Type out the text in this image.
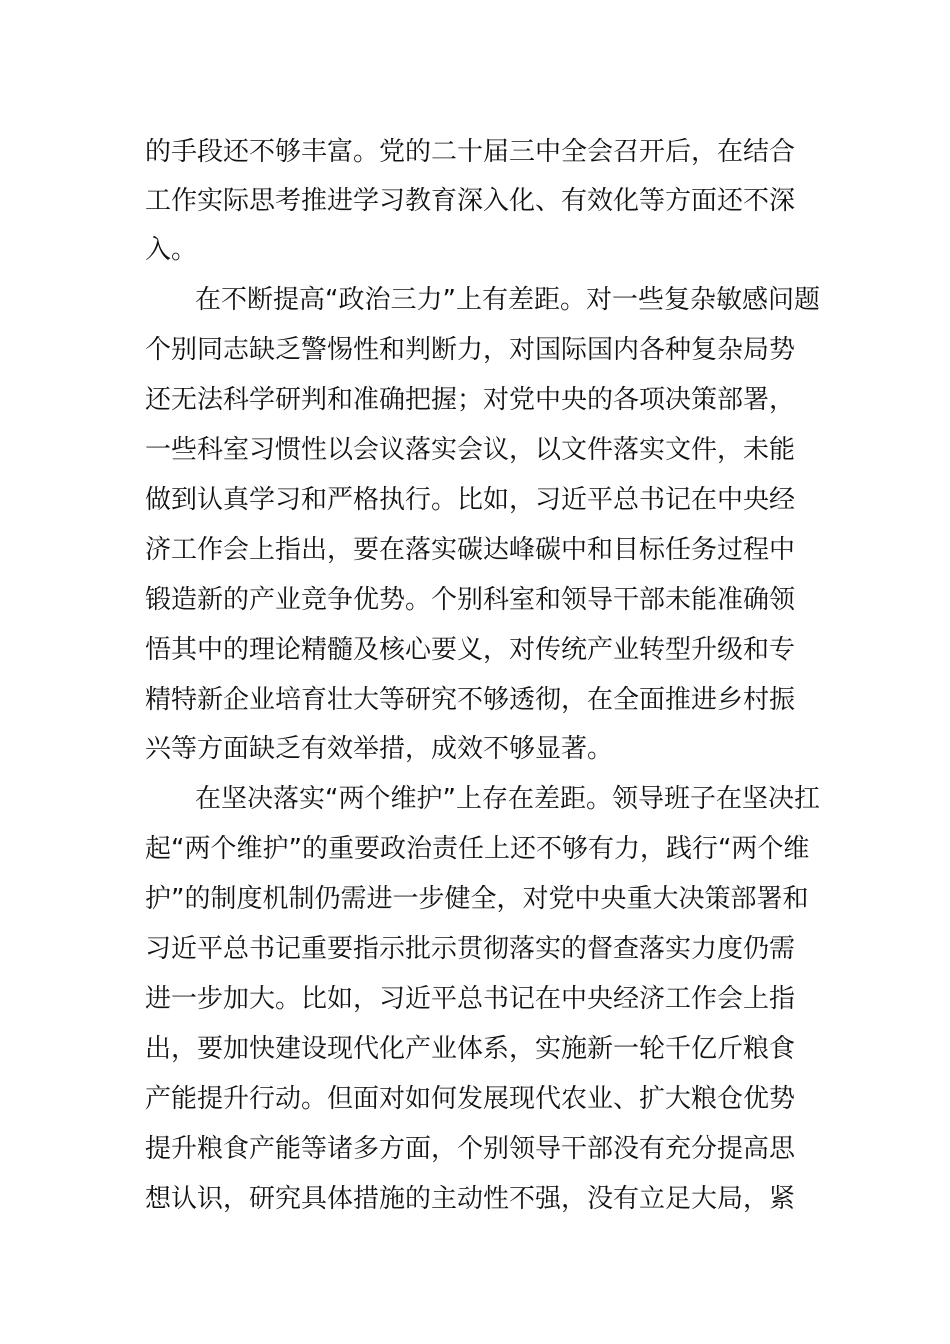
的手段还不够丰富。党的二十届三中全会召开后，在结合
工作实际思考推进学习教育深入化、有效化等方面还不深
入。
在不断提高“政治三力”上有差距。对一些复杂敏感问题
个别同志缺乏警惕性和判断力，对国际国内各种复杂局势
还无法科学研判和准确把握；对党中央的各项决策部署，
一些科室习惯性以会议落实会议，以文件落实文件，未能
做到认真学习和严格执行。比如，习近平总书记在中央经
济工作会上指出，要在落实碳达峰碳中和目标任务过程中
锻造新的产业竞争优势。个别科室和领导干部未能准确领
悟其中的理论精髓及核心要义，对传统产业转型升级和专
精特新企业培育壮大等研究不够透彻，在全面推进乡村振
兴等方面缺乏有效举措，成效不够显著。
在坚决落实“两个维护”上存在差距。领导班子在坚决扛
起“两个维护”的重要政治责任上还不够有力，践行“两个维
护”的制度机制仍需进一步健全，对党中央重大决策部署和
习近平总书记重要指示批示贯彻落实的督查落实力度仍需
进一步加大。比如，习近平总书记在中央经济工作会上指
出，要加快建设现代化产业体系，实施新一轮千亿斤粮食
产能提升行动。但面对如何发展现代农业、扩大粮仓优势
提升粮食产能等诸多方面，个别领导干部没有充分提高思
想认识，研究具体措施的主动性不强，没有立足大局，紧
